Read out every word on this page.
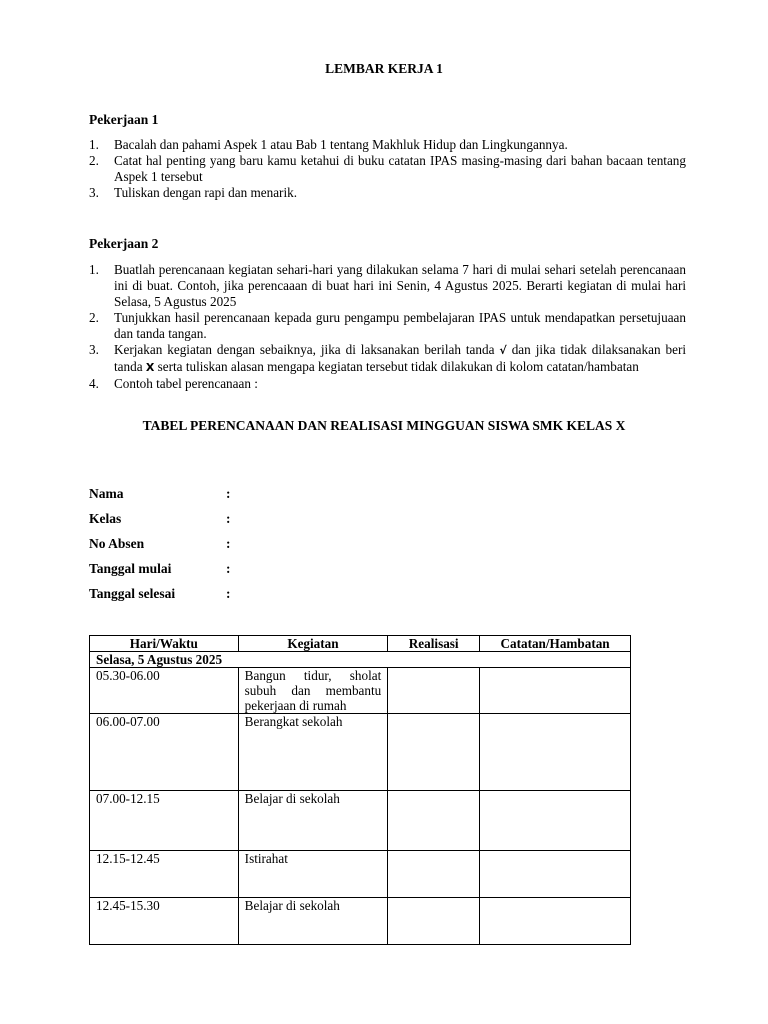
LEMBAR KERJA 1
Pekerjaan 1
1. Bacalah dan pahami Aspek 1 atau Bab 1 tentang Makhluk Hidup dan Lingkungannya.
2. Catat hal penting yang baru kamu ketahui di buku catatan IPAS masing-masing dari bahan bacaan tentang Aspek 1 tersebut
3. Tuliskan dengan rapi dan menarik.
Pekerjaan 2
1. Buatlah perencanaan kegiatan sehari-hari yang dilakukan selama 7 hari di mulai sehari setelah perencanaan ini di buat. Contoh, jika perencaaan di buat hari ini Senin, 4 Agustus 2025. Berarti kegiatan di mulai hari Selasa, 5 Agustus 2025
2. Tunjukkan hasil perencanaan kepada guru pengampu pembelajaran IPAS untuk mendapatkan persetujuaan dan tanda tangan.
3. Kerjakan kegiatan dengan sebaiknya, jika di laksanakan berilah tanda √ dan jika tidak dilaksanakan beri tanda X serta tuliskan alasan mengapa kegiatan tersebut tidak dilakukan di kolom catatan/hambatan
4. Contoh tabel perencanaan :
TABEL PERENCANAAN DAN REALISASI MINGGUAN SISWA SMK KELAS X
Nama	:
Kelas	:
No Absen	:
Tanggal mulai	:
Tanggal selesai	:
Hari/Waktu	Kegiatan	Realisasi	Catatan/Hambatan
Selasa, 5 Agustus 2025			
05.30-06.00	Bangun tidur, sholat subuh dan membantu pekerjaan di rumah		
06.00-07.00	Berangkat sekolah		
07.00-12.15	Belajar di sekolah		
12.15-12.45	Istirahat		
12.45-15.30	Belajar di sekolah		
